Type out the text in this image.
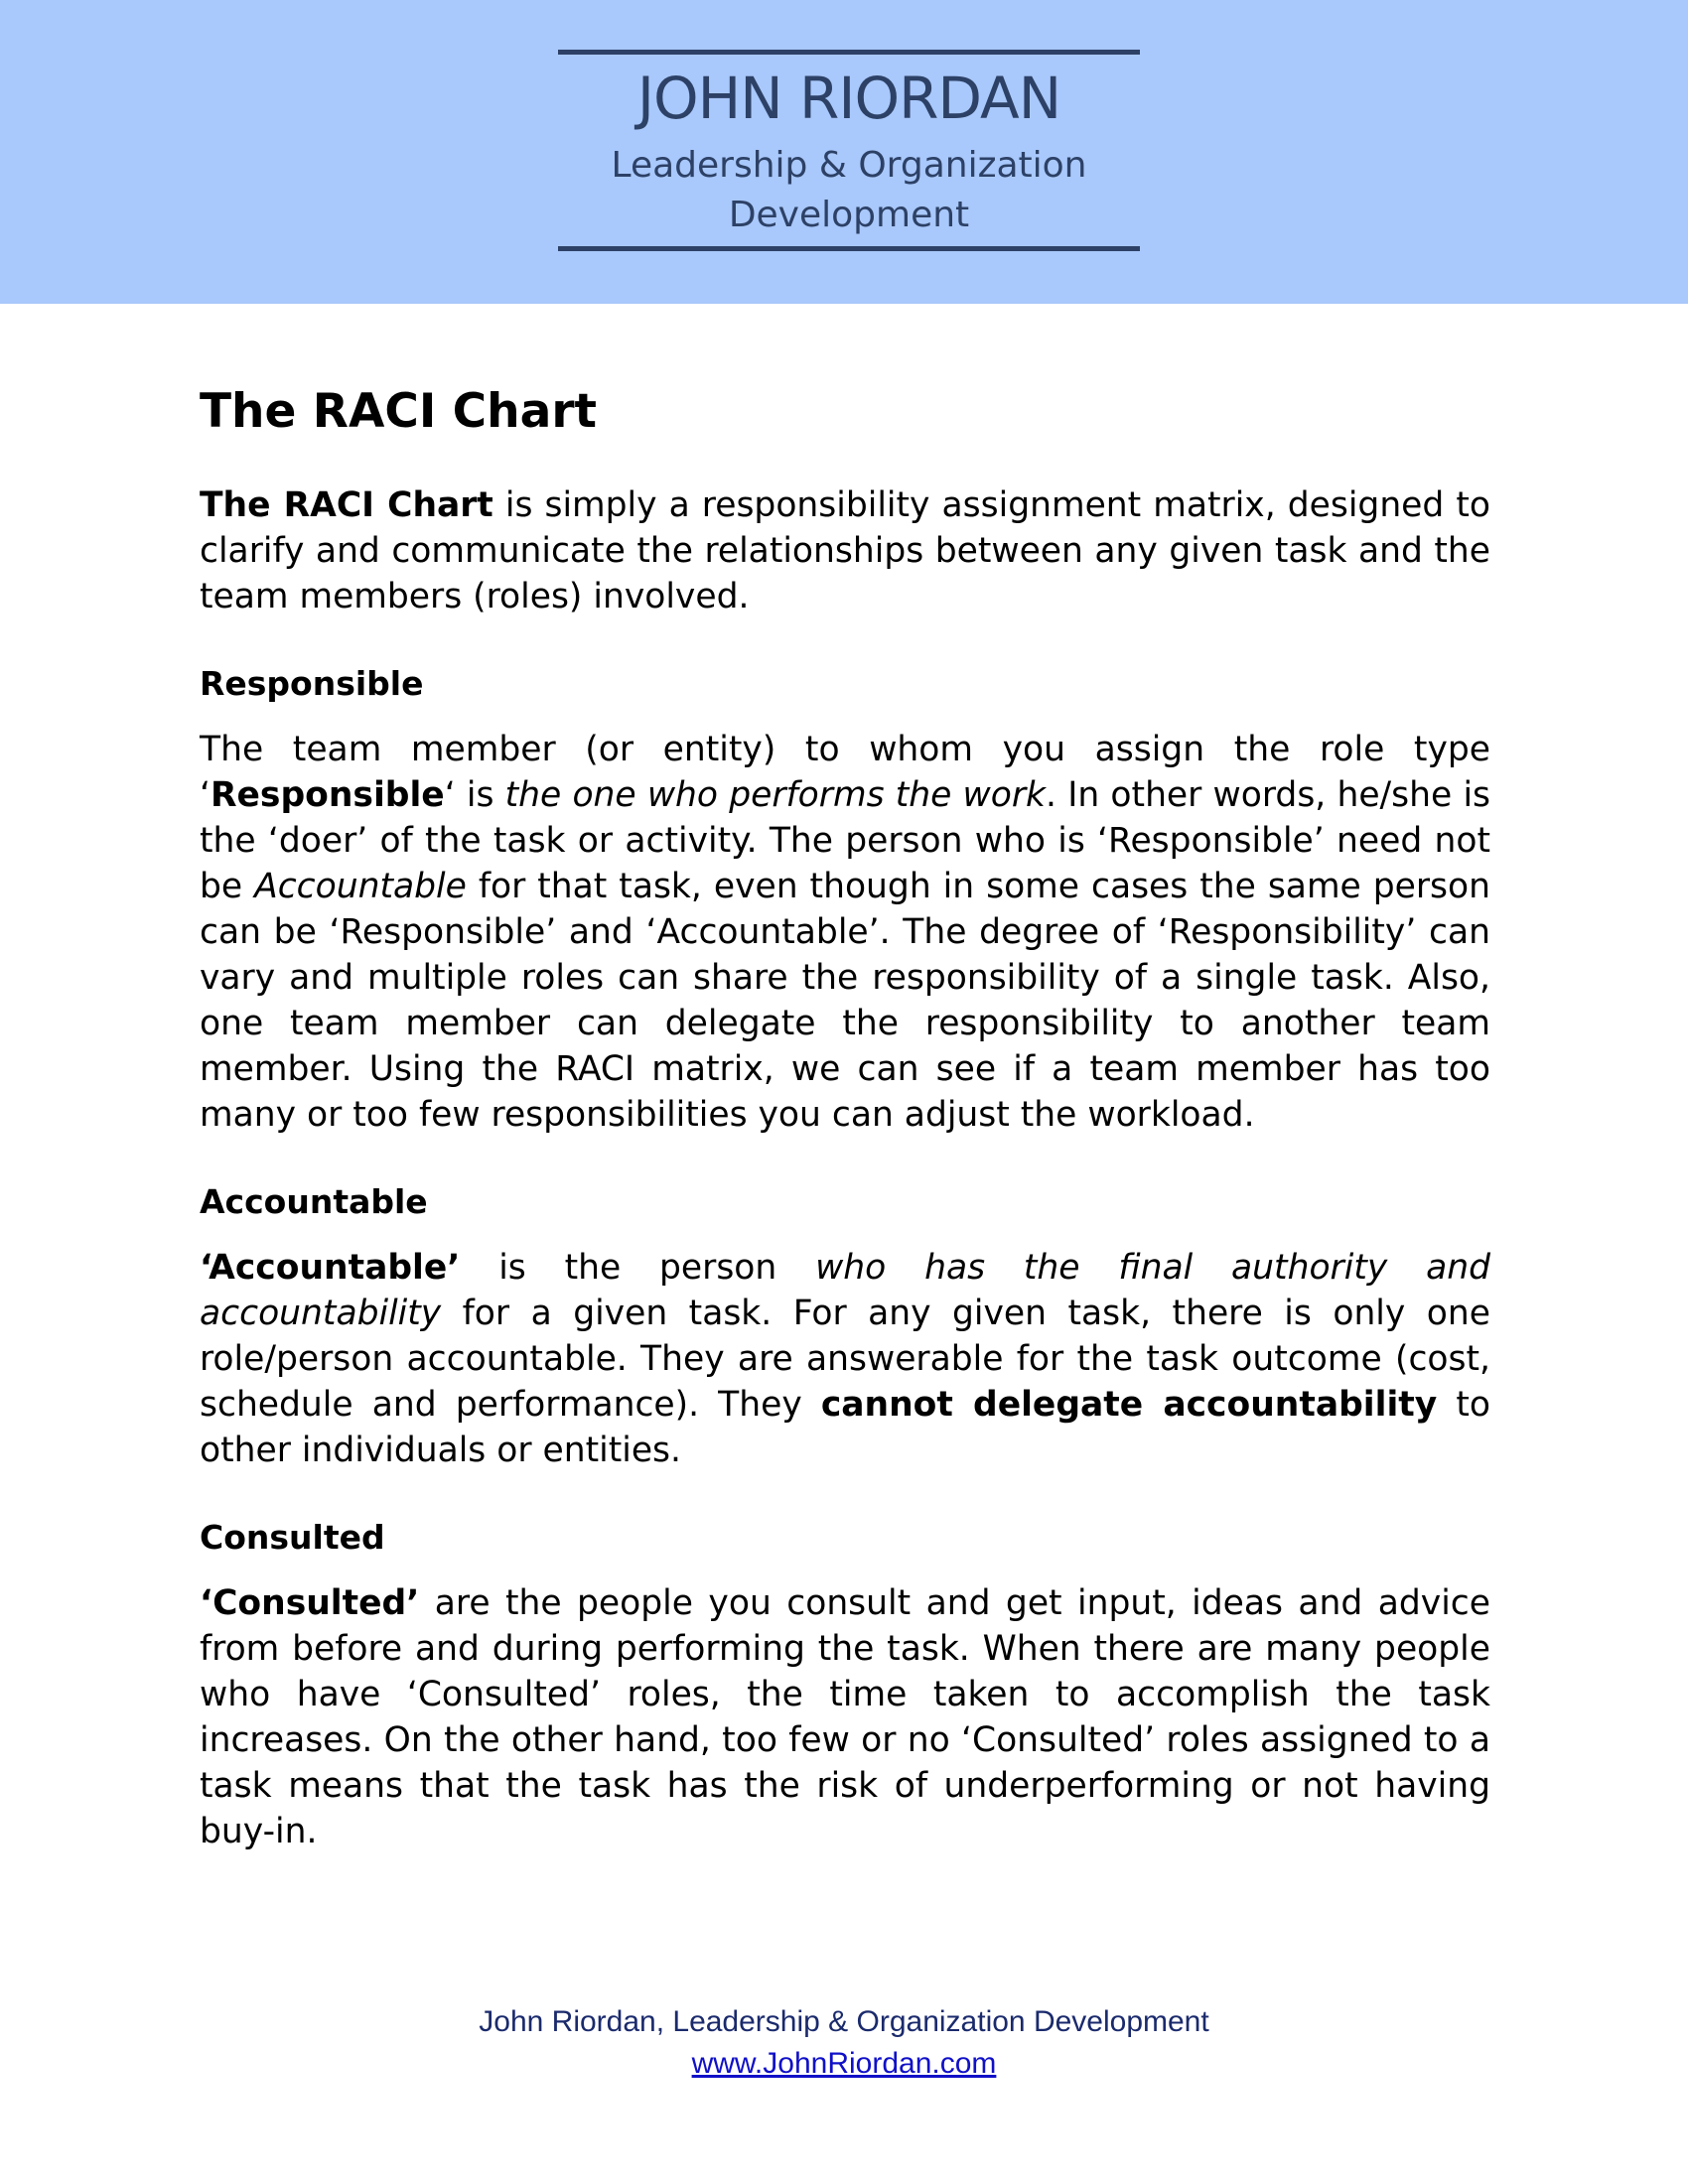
JOHN RIORDAN
Leadership & Organization
Development
The RACI Chart

The RACI Chart is simply a responsibility assignment matrix, designed to clarify and communicate the relationships between any given task and the team members (roles) involved.

Responsible

The team member (or entity) to whom you assign the role type ‘Responsible‘ is the one who performs the work. In other words, he/she is the ‘doer’ of the task or activity. The person who is ‘Responsible’ need not be Accountable for that task, even though in some cases the same person can be ‘Responsible’ and ‘Accountable’. The degree of ‘Responsibility’ can vary and multiple roles can share the responsibility of a single task. Also, one team member can delegate the responsibility to another team member. Using the RACI matrix, we can see if a team member has too many or too few responsibilities you can adjust the workload.

Accountable

‘Accountable’ is the person who has the final authority and accountability for a given task. For any given task, there is only one role/person accountable. They are answerable for the task outcome (cost, schedule and performance). They cannot delegate accountability to other individuals or entities.

Consulted

‘Consulted’ are the people you consult and get input, ideas and advice from before and during performing the task. When there are many people who have ‘Consulted’ roles, the time taken to accomplish the task increases. On the other hand, too few or no ‘Consulted’ roles assigned to a task means that the task has the risk of underperforming or not having buy-in.

John Riordan, Leadership & Organization Development
www.JohnRiordan.com
